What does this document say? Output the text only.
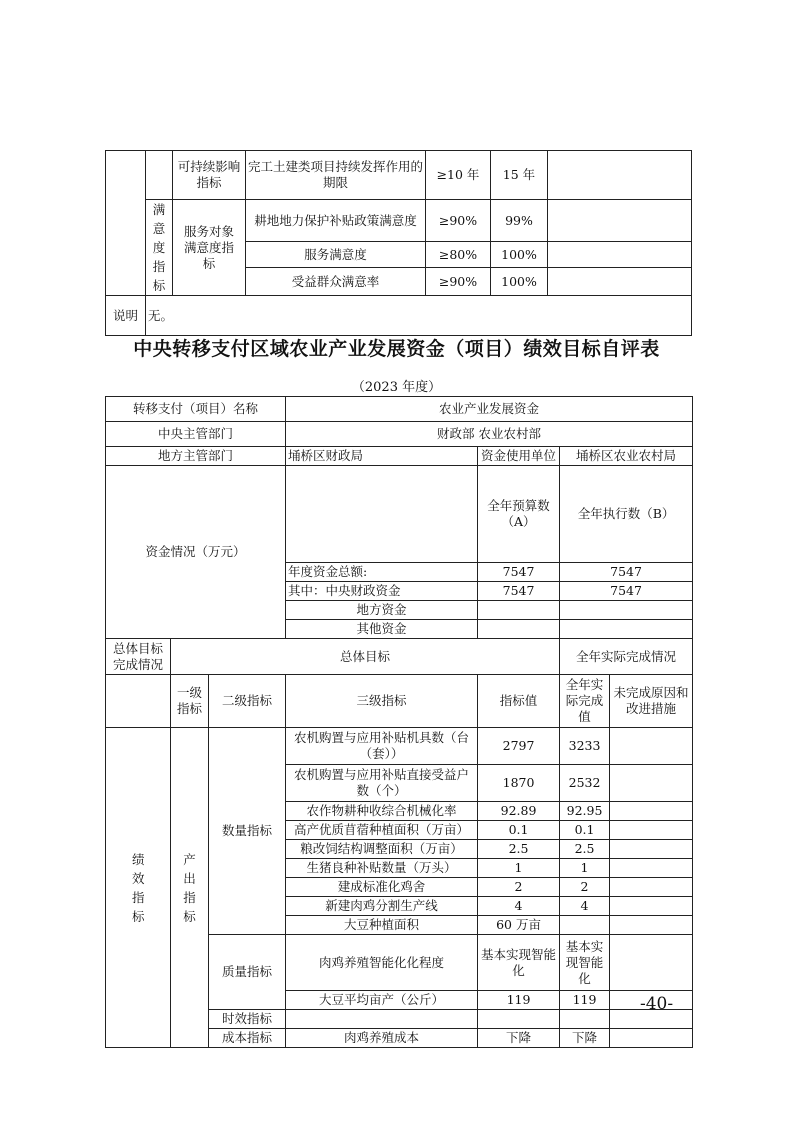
		可持续影响指标	完工土建类项目持续发挥作用的期限	≥10 年	15 年	
	满意度指标	服务对象满意度指标	耕地地力保护补贴政策满意度	≥90%	99%	
			服务满意度	≥80%	100%	
			受益群众满意率	≥90%	100%	
说明	无。					
中央转移支付区域农业产业发展资金（项目）绩效目标自评表
（2023 年度）
转移支付（项目）名称			农业产业发展资金				
中央主管部门			财政部 农业农村部				
地方主管部门			埇桥区财政局	资金使用单位	埇桥区农业农村局		
资金情况（万元）				全年预算数（A）	全年执行数（B）	
			年度资金总额:	7547	7547	
			其中：中央财政资金	7547	7547	
			地方资金				
			其他资金				
总体目标完成情况	总体目标				全年实际完成情况		
	一级指标	二级指标	三级指标	指标值	全年实际完成值	未完成原因和改进措施	
绩效指标	产出指标	数量指标	农机购置与应用补贴机具数（台（套））	2797	3233		
			农机购置与应用补贴直接受益户数（个）	1870	2532		
			农作物耕种收综合机械化率	92.89	92.95		
			高产优质苜蓿种植面积（万亩）	0.1	0.1		
			粮改饲结构调整面积（万亩）	2.5	2.5		
			生猪良种补贴数量（万头）	1	1		
			建成标准化鸡舍	2	2		
			新建肉鸡分割生产线	4	4		
			大豆种植面积	60 万亩			
		质量指标	肉鸡养殖智能化化程度	基本实现智能化	基本实现智能化		
			大豆平均亩产（公斤）	119	119		
		时效指标					
		成本指标	肉鸡养殖成本	下降	下降		
-40-
